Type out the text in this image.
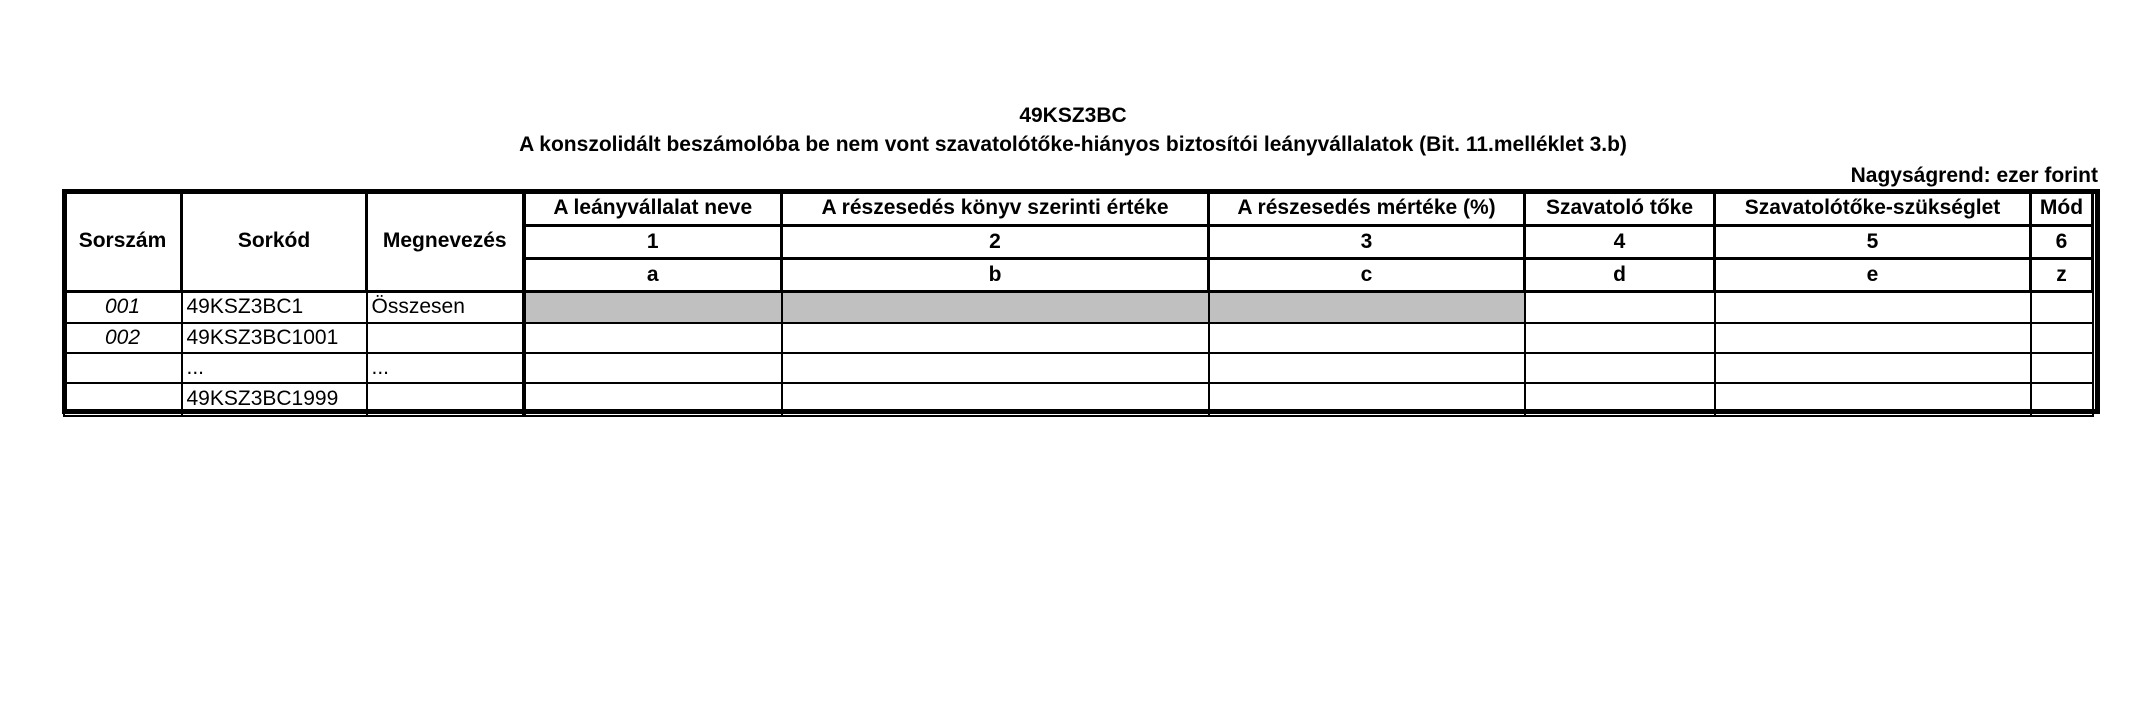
49KSZ3BC
A konszolidált beszámolóba be nem vont szavatolótőke-hiányos biztosítói leányvállalatok (Bit. 11.melléklet 3.b)
Nagyságrend: ezer forint
Sorszám	Sorkód	Megnevezés	A leányvállalat neve	A részesedés könyv szerinti értéke	A részesedés mértéke (%)	Szavatoló tőke	Szavatolótőke-szükséglet	Mód
			1	2	3	4	5	6
			a	b	c	d	e	z
001	49KSZ3BC1	Összesen						
002	49KSZ3BC1001							
	...	...						
	49KSZ3BC1999							
